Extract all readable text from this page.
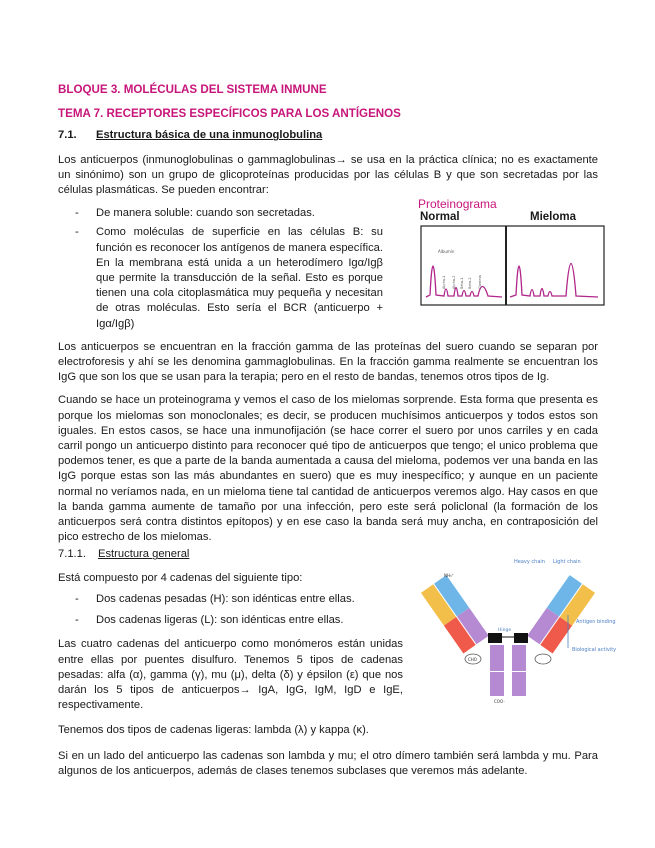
BLOQUE 3. MOLÉCULAS DEL SISTEMA INMUNE

TEMA 7. RECEPTORES ESPECÍFICOS PARA LOS ANTÍGENOS

7.1. Estructura básica de una inmunoglobulina

Los anticuerpos (inmunoglobulinas o gammaglobulinas→ se usa en la práctica clínica; no es exactamente un sinónimo) son un grupo de glicoproteínas producidas por las células B y que son secretadas por las células plasmáticas. Se pueden encontrar:

-	De manera soluble: cuando son secretadas.
-	Como moléculas de superficie en las células B: su función es reconocer los antígenos de manera específica. En la membrana está unida a un heterodímero Igα/Igβ que permite la transducción de la señal. Esto es porque tienen una cola citoplasmática muy pequeña y necesitan de otras moléculas. Esto sería el BCR (anticuerpo + Igα/Igβ)

Los anticuerpos se encuentran en la fracción gamma de las proteínas del suero cuando se separan por electroforesis y ahí se les denomina gammaglobulinas. En la fracción gamma realmente se encuentran los IgG que son los que se usan para la terapia; pero en el resto de bandas, tenemos otros tipos de Ig.

Cuando se hace un proteinograma y vemos el caso de los mielomas sorprende. Esta forma que presenta es porque los mielomas son monoclonales; es decir, se producen muchísimos anticuerpos y todos estos son iguales. En estos casos, se hace una inmunofijación (se hace correr el suero por unos carriles y en cada carril pongo un anticuerpo distinto para reconocer qué tipo de anticuerpos que tengo; el unico problema que podemos tener, es que a parte de la banda aumentada a causa del mieloma, podemos ver una banda en las IgG porque estas son las más abundantes en suero) que es muy inespecífico; y aunque en un paciente normal no veríamos nada, en un mieloma tiene tal cantidad de anticuerpos veremos algo. Hay casos en que la banda gamma aumente de tamaño por una infección, pero este será policlonal (la formación de los anticuerpos será contra distintos epítopos) y en ese caso la banda será muy ancha, en contraposición del pico estrecho de los mielomas.

7.1.1. Estructura general

Está compuesto por 4 cadenas del siguiente tipo:

-	Dos cadenas pesadas (H): son idénticas entre ellas.
-	Dos cadenas ligeras (L): son idénticas entre ellas.

Las cuatro cadenas del anticuerpo como monómeros están unidas entre ellas por puentes disulfuro. Tenemos 5 tipos de cadenas pesadas: alfa (α), gamma (γ), mu (μ), delta (δ) y épsilon (ε) que nos darán los 5 tipos de anticuerpos→ IgA, IgG, IgM, IgD e IgE, respectivamente.

Tenemos dos tipos de cadenas ligeras: lambda (λ) y kappa (κ).

Si en un lado del anticuerpo las cadenas son lambda y mu; el otro dímero también será lambda y mu. Para algunos de los anticuerpos, además de clases tenemos subclases que veremos más adelante.

Proteinograma
Normal	Mieloma
Albumin
Alpha-1 Alpha-2 Beta-1 Beta-2 Gamma
CHO
Heavy chain Light chain
Hinge
Antigen binding
Biological activity
COO⁻
NH₃⁺
